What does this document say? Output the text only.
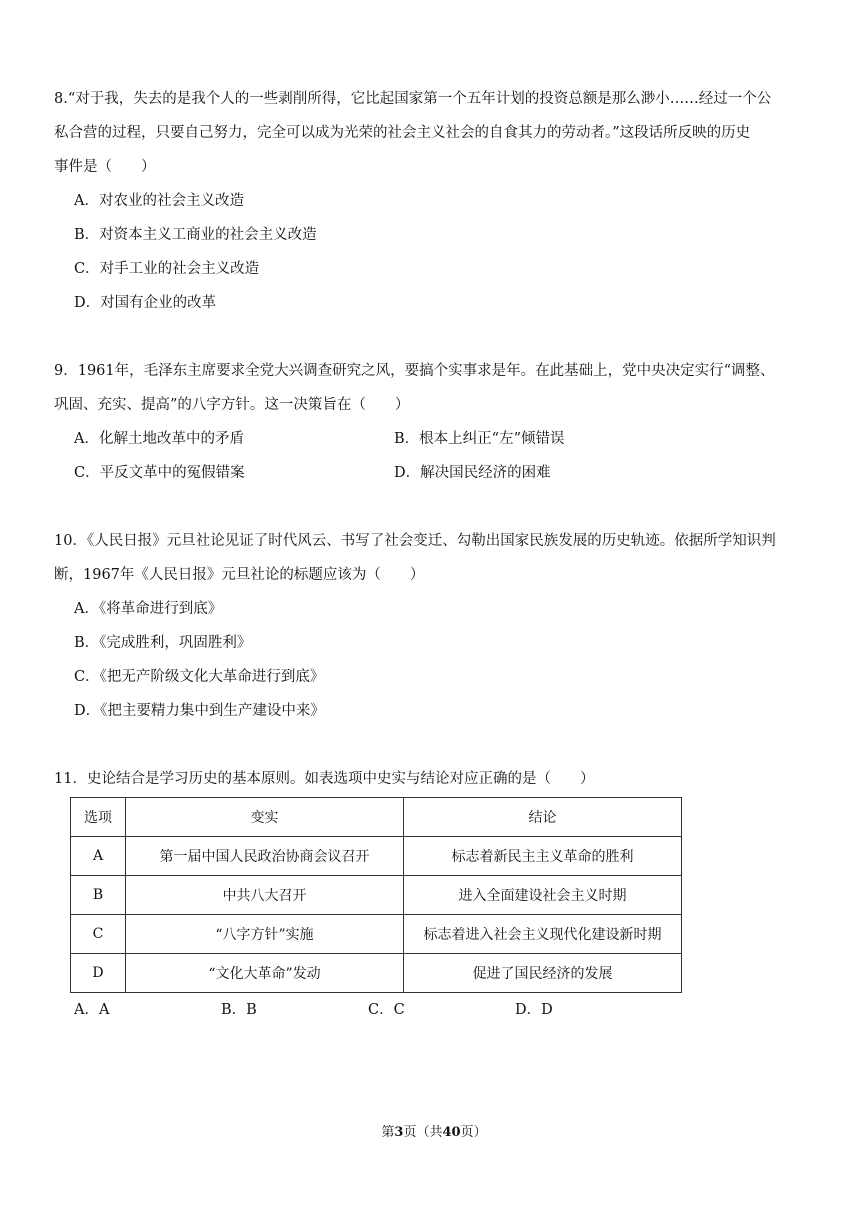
8.“对于我，失去的是我个人的一些剥削所得，它比起国家第一个五年计划的投资总额是那么渺小……经过一个公
私合营的过程，只要自己努力，完全可以成为光荣的社会主义社会的自食其力的劳动者。”这段话所反映的历史
事件是（　　）
A．对农业的社会主义改造
B．对资本主义工商业的社会主义改造
C．对手工业的社会主义改造
D．对国有企业的改革
9．1961年，毛泽东主席要求全党大兴调查研究之风，要搞个实事求是年。在此基础上，党中央决定实行“调整、
巩固、充实、提高”的八字方针。这一决策旨在（　　）
A．化解土地改革中的矛盾	B．根本上纠正“左”倾错误
C．平反文革中的冤假错案	D．解决国民经济的困难
10．《人民日报》元旦社论见证了时代风云、书写了社会变迁、勾勒出国家民族发展的历史轨迹。依据所学知识判
断，1967年《人民日报》元旦社论的标题应该为（　　）
A．《将革命进行到底》
B．《完成胜利，巩固胜利》
C．《把无产阶级文化大革命进行到底》
D．《把主要精力集中到生产建设中来》
11．史论结合是学习历史的基本原则。如表选项中史实与结论对应正确的是（　　）
选项	变实	结论
A	第一届中国人民政治协商会议召开	标志着新民主主义革命的胜利
B	中共八大召开	进入全面建设社会主义时期
C	“八字方针”实施	标志着进入社会主义现代化建设新时期
D	“文化大革命”发动	促进了国民经济的发展
A．A	B．B	C．C	D．D
第3页（共40页）
